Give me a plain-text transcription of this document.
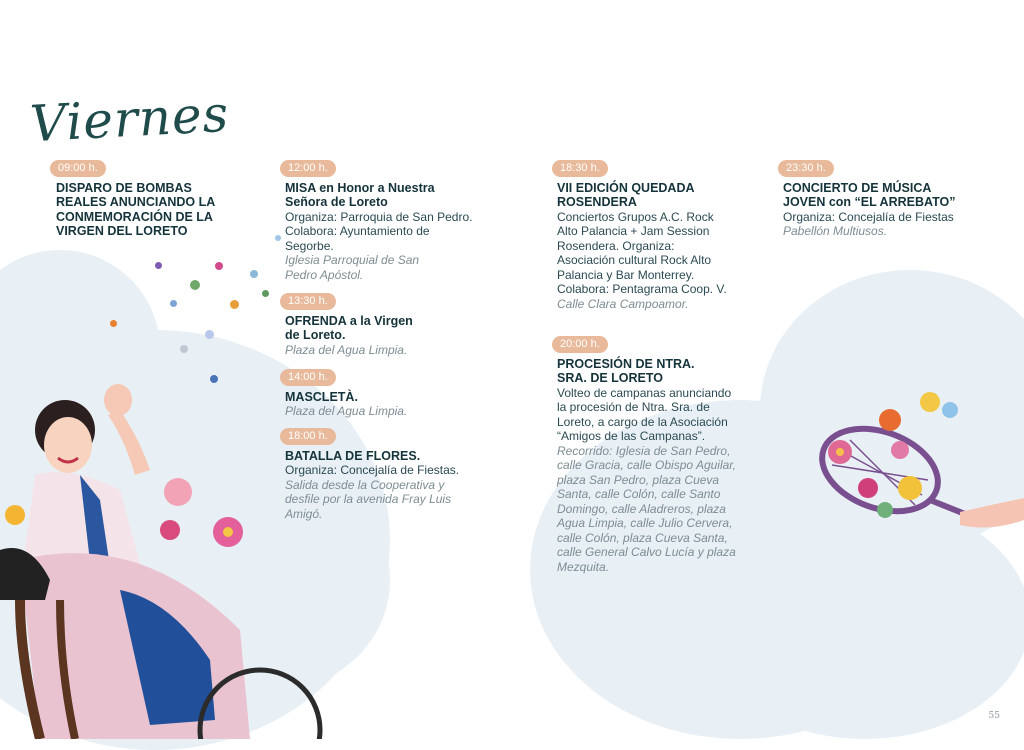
Viernes
09:00 h.
DISPARO DE BOMBAS REALES ANUNCIANDO LA CONMEMORACIÓN DE LA VIRGEN DEL LORETO
12:00 h.
MISA en Honor a Nuestra Señora de Loreto
Organiza: Parroquia de San Pedro. Colabora: Ayuntamiento de Segorbe.
Iglesia Parroquial de San Pedro Apóstol.
13:30 h.
OFRENDA a la Virgen de Loreto.
Plaza del Agua Limpia.
14:00 h.
MASCLETÀ.
Plaza del Agua Limpia.
18:00 h.
BATALLA DE FLORES.
Organiza: Concejalía de Fiestas.
Salida desde la Cooperativa y desfile por la avenida Fray Luis Amigó.
18:30 h.
VII EDICIÓN QUEDADA ROSENDERA
Conciertos Grupos A.C. Rock Alto Palancia + Jam Session Rosendera. Organiza: Asociación cultural Rock Alto Palancia y Bar Monterrey. Colabora: Pentagrama Coop. V.
Calle Clara Campoamor.
20:00 h.
PROCESIÓN DE NTRA. SRA. DE LORETO
Volteo de campanas anunciando la procesión de Ntra. Sra. de Loreto, a cargo de la Asociación “Amigos de las Campanas”.
Recorrido: Iglesia de San Pedro, calle Gracia, calle Obispo Aguilar, plaza San Pedro, plaza Cueva Santa, calle Colón, calle Santo Domingo, calle Aladreros, plaza Agua Limpia, calle Julio Cervera, calle Colón, plaza Cueva Santa, calle General Calvo Lucía y plaza Mezquita.
23:30 h.
CONCIERTO DE MÚSICA JOVEN con “EL ARREBATO”
Organiza: Concejalía de Fiestas
Pabellón Multiusos.
55
